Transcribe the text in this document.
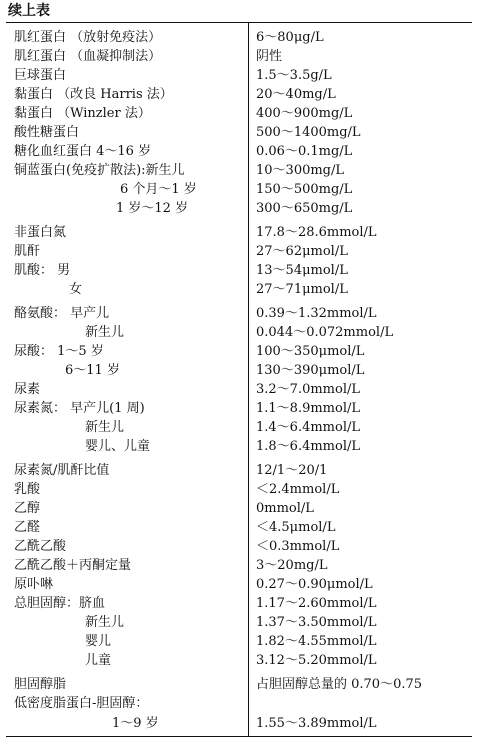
续上表
肌红蛋白 （放射免疫法）	6～80μg/L
肌红蛋白 （血凝抑制法）	阴性
巨球蛋白	1.5～3.5g/L
黏蛋白 （改良 Harris 法）	20～40mg/L
黏蛋白 （Winzler 法）	400～900mg/L
酸性糖蛋白	500～1400mg/L
糖化血红蛋白 4～16 岁	0.06～0.1mg/L
铜蓝蛋白(免疫扩散法):新生儿	10～300mg/L
6 个月～1 岁	150～500mg/L
1 岁～12 岁	300～650mg/L
非蛋白氮	17.8～28.6mmol/L
肌酐	27～62μmol/L
肌酸： 男	13～54μmol/L
女	27～71μmol/L
酪氨酸： 早产儿	0.39～1.32mmol/L
新生儿	0.044～0.072mmol/L
尿酸： 1～5 岁	100～350μmol/L
6～11 岁	130～390μmol/L
尿素	3.2～7.0mmol/L
尿素氮： 早产儿(1 周)	1.1～8.9mmol/L
新生儿	1.4～6.4mmol/L
婴儿、儿童	1.8～6.4mmol/L
尿素氮/肌酐比值	12/1～20/1
乳酸	＜2.4mmol/L
乙醇	0mmol/L
乙醛	＜4.5μmol/L
乙酰乙酸	＜0.3mmol/L
乙酰乙酸＋丙酮定量	3～20mg/L
原卟啉	0.27～0.90μmol/L
总胆固醇：脐血	1.17～2.60mmol/L
新生儿	1.37～3.50mmol/L
婴儿	1.82～4.55mmol/L
儿童	3.12～5.20mmol/L
胆固醇脂	占胆固醇总量的 0.70～0.75
低密度脂蛋白-胆固醇：
1～9 岁	1.55～3.89mmol/L
